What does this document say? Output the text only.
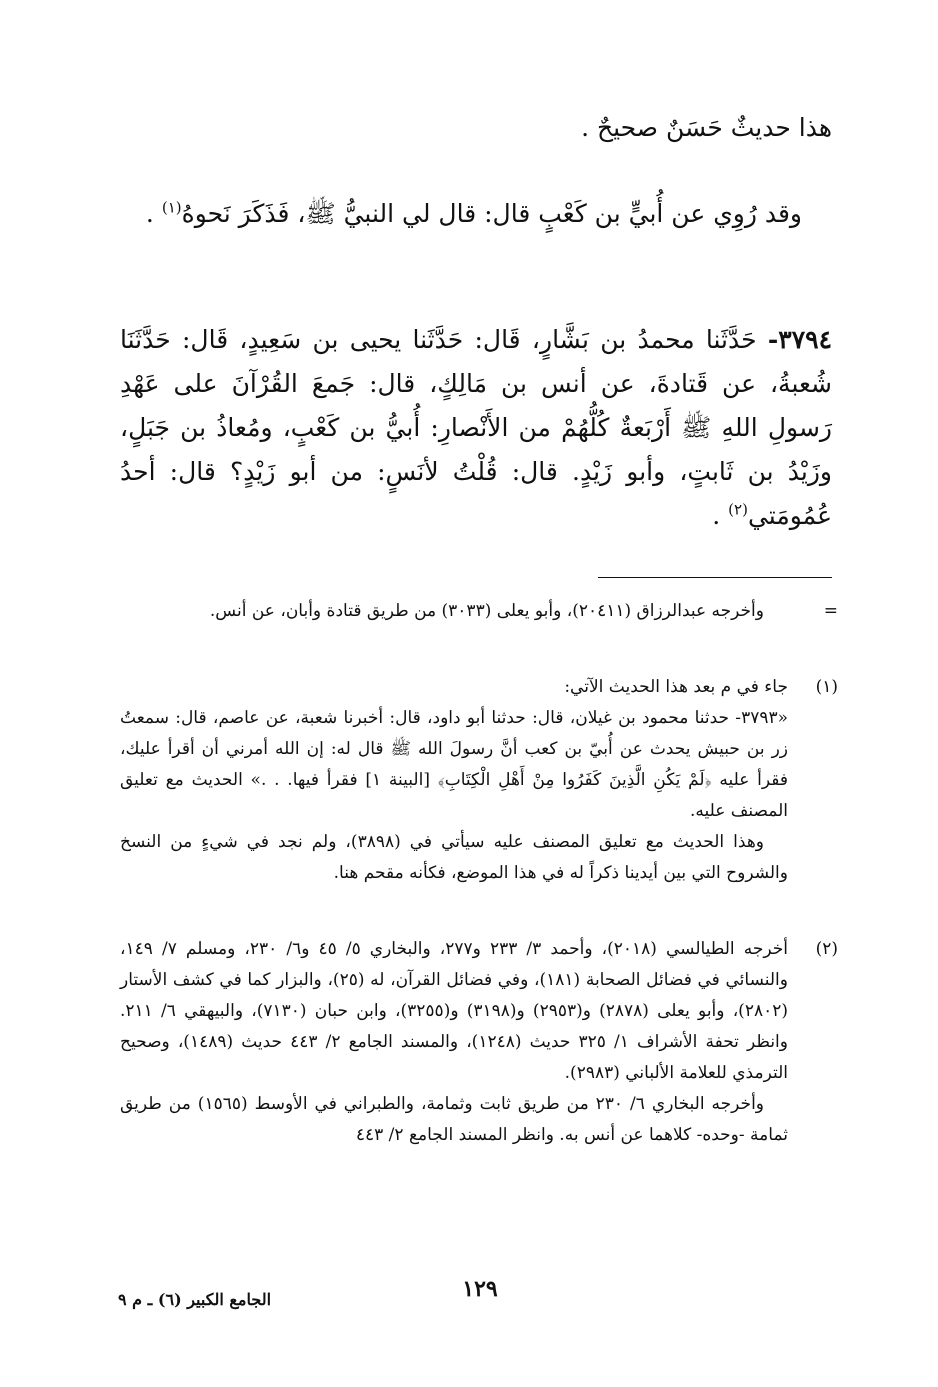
هذا حديثٌ حَسَنٌ صحيحٌ .

وقد رُوِي عن أُبيٍّ بن كَعْبٍ قال: قال لي النبيُّ ﷺ، فَذَكَرَ نَحوهُ$^{(١)}$ .

٣٧٩٤- حَدَّثَنا محمدُ بن بَشَّارٍ، قَال: حَدَّثَنا يحيى بن سَعِيدٍ، قَال: حَدَّثَنَا شُعبةُ، عن قَتادةَ، عن أنس بن مَالِكٍ، قال: جَمعَ القُرْآنَ على عَهْدِ رَسولِ اللهِ ﷺ أَرْبَعةٌ كُلُّهُمْ من الأَنْصارِ: أُبيُّ بن كَعْبٍ، ومُعاذُ بن جَبَلٍ، وزَيْدُ بن ثَابتٍ، وأبو زَيْدٍ. قال: قُلْتُ لأنَسٍ: من أبو زَيْدٍ؟ قال: أحدُ عُمُومَتي$^{(٢)}$ .

=

وأخرجه عبدالرزاق (٢٠٤١١)، وأبو يعلى (٣٠٣٣) من طريق قتادة وأبان، عن أنس.

(١)

جاء في م بعد هذا الحديث الآتي:

«٣٧٩٣- حدثنا محمود بن غيلان، قال: حدثنا أبو داود، قال: أخبرنا شعبة، عن عاصم، قال: سمعتُ زر بن حبيش يحدث عن أُبيّ بن كعب أنَّ رسولَ الله ﷺ قال له: إن الله أمرني أن أقرأ عليك، فقرأ عليه ﴿لَمْ يَكُنِ الَّذِينَ كَفَرُوا مِنْ أَهْلِ الْكِتَابِ﴾ [البينة ١] فقرأ فيها. . .» الحديث مع تعليق المصنف عليه.

وهذا الحديث مع تعليق المصنف عليه سيأتي في (٣٨٩٨)، ولم نجد في شيءٍ من النسخ والشروح التي بين أيدينا ذكراً له في هذا الموضع، فكأنه مقحم هنا.

(٢)

أخرجه الطيالسي (٢٠١٨)، وأحمد ٣/ ٢٣٣ و٢٧٧، والبخاري ٥/ ٤٥ و٦/ ٢٣٠، ومسلم ٧/ ١٤٩، والنسائي في فضائل الصحابة (١٨١)، وفي فضائل القرآن، له (٢٥)، والبزار كما في كشف الأستار (٢٨٠٢)، وأبو يعلى (٢٨٧٨) و(٢٩٥٣) و(٣١٩٨) و(٣٢٥٥)، وابن حبان (٧١٣٠)، والبيهقي ٦/ ٢١١. وانظر تحفة الأشراف ١/ ٣٢٥ حديث (١٢٤٨)، والمسند الجامع ٢/ ٤٤٣ حديث (١٤٨٩)، وصحيح الترمذي للعلامة الألباني (٢٩٨٣).

وأخرجه البخاري ٦/ ٢٣٠ من طريق ثابت وثمامة، والطبراني في الأوسط (١٥٦٥) من طريق ثمامة -وحده- كلاهما عن أنس به. وانظر المسند الجامع ٢/ ٤٤٣

١٢٩
الجامع الكبير (٦) ـ م ٩
